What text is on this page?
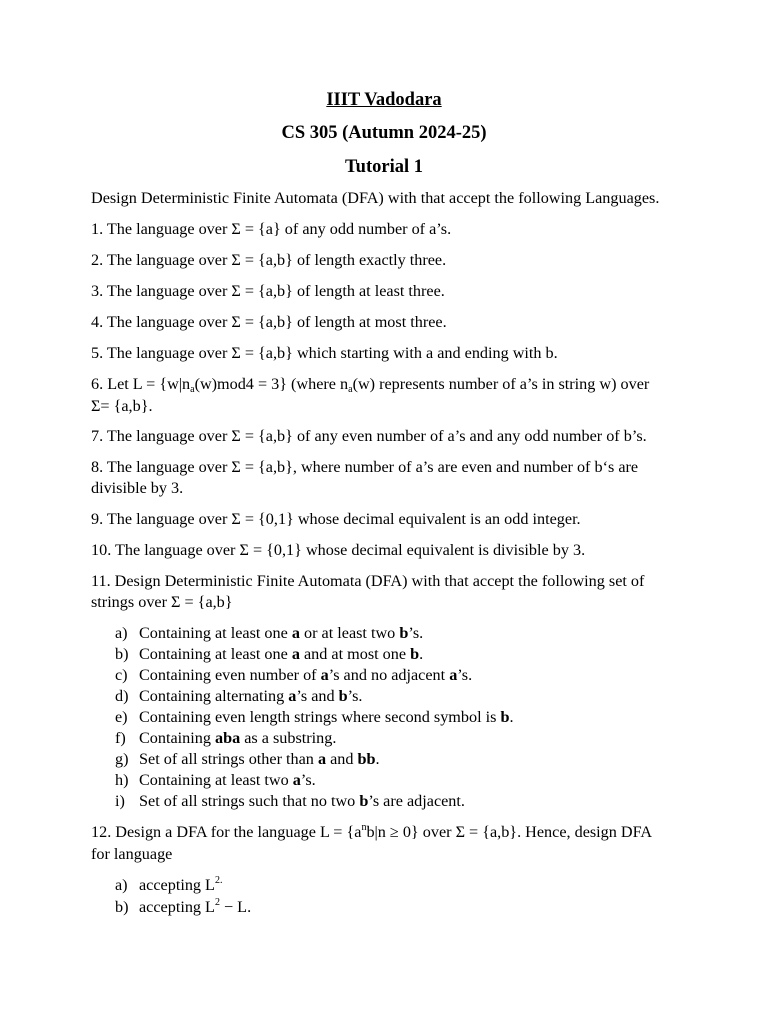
IIIT Vadodara
CS 305 (Autumn 2024-25)
Tutorial 1
Design Deterministic Finite Automata (DFA) with that accept the following Languages.
1. The language over Σ = {a} of any odd number of a’s.
2. The language over Σ = {a,b} of length exactly three.
3. The language over Σ = {a,b} of length at least three.
4. The language over Σ = {a,b} of length at most three.
5. The language over Σ = {a,b} which starting with a and ending with b.
6. Let $L = \{w|n_a(w)mod4 = 3\}$ (where $n_a(w)$ represents number of a’s in string w) over
Σ= {a,b}.
7. The language over Σ = {a,b} of any even number of a’s and any odd number of b’s.
8. The language over Σ = {a,b}, where number of a’s are even and number of b‘s are
divisible by 3.
9. The language over Σ = {0,1} whose decimal equivalent is an odd integer.
10. The language over Σ = {0,1} whose decimal equivalent is divisible by 3.
11. Design Deterministic Finite Automata (DFA) with that accept the following set of
strings over Σ = {a,b}
a) Containing at least one a or at least two b’s.
b) Containing at least one a and at most one b.
c) Containing even number of a’s and no adjacent a’s.
d) Containing alternating a’s and b’s.
e) Containing even length strings where second symbol is b.
f) Containing aba as a substring.
g) Set of all strings other than a and bb.
h) Containing at least two a’s.
i) Set of all strings such that no two b’s are adjacent.
12. Design a DFA for the language $L = \{a^nb|n \ge 0\}$ over Σ = {a,b}. Hence, design DFA
for language
a) accepting $L^{2.}$
b) accepting $L^2 - L$.
